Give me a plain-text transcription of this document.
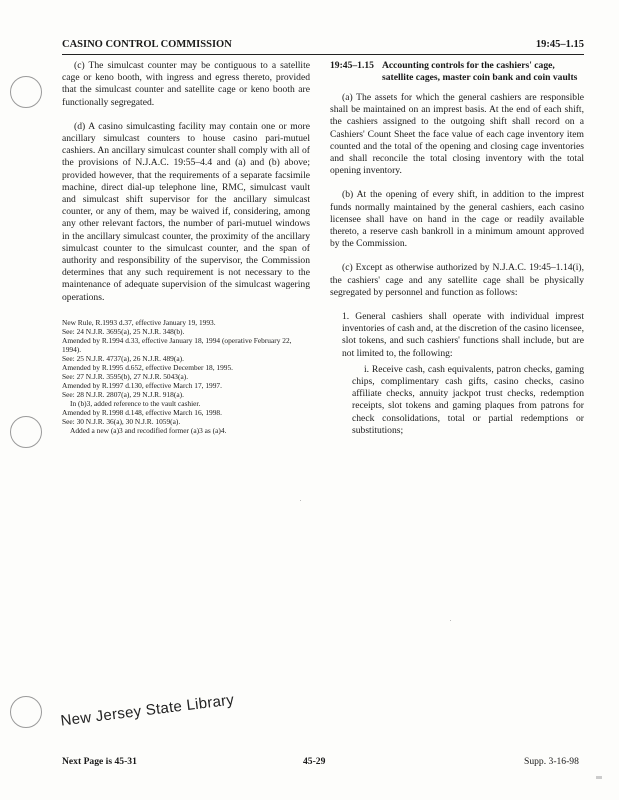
CASINO CONTROL COMMISSION	19:45–1.15

(c) The simulcast counter may be contiguous to a satellite cage or keno booth, with ingress and egress thereto, provided that the simulcast counter and satellite cage or keno booth are functionally segregated.

(d) A casino simulcasting facility may contain one or more ancillary simulcast counters to house casino pari-mutuel cashiers. An ancillary simulcast counter shall comply with all of the provisions of N.J.A.C. 19:55–4.4 and (a) and (b) above; provided however, that the requirements of a separate facsimile machine, direct dial-up telephone line, RMC, simulcast vault and simulcast shift supervisor for the ancillary simulcast counter, or any of them, may be waived if, considering, among any other relevant factors, the number of pari-mutuel windows in the ancillary simulcast counter, the proximity of the ancillary simulcast counter to the simulcast counter, and the span of authority and responsibility of the supervisor, the Commission determines that any such requirement is not necessary to the maintenance of adequate supervision of the simulcast wagering operations.

New Rule, R.1993 d.37, effective January 19, 1993.
See: 24 N.J.R. 3695(a), 25 N.J.R. 348(b).
Amended by R.1994 d.33, effective January 18, 1994 (operative February 22, 1994).
See: 25 N.J.R. 4737(a), 26 N.J.R. 489(a).
Amended by R.1995 d.652, effective December 18, 1995.
See: 27 N.J.R. 3595(b), 27 N.J.R. 5043(a).
Amended by R.1997 d.130, effective March 17, 1997.
See: 28 N.J.R. 2807(a), 29 N.J.R. 918(a).
In (b)3, added reference to the vault cashier.
Amended by R.1998 d.148, effective March 16, 1998.
See: 30 N.J.R. 36(a), 30 N.J.R. 1059(a).
Added a new (a)3 and recodified former (a)3 as (a)4.
19:45–1.15 Accounting controls for the cashiers' cage, satellite cages, master coin bank and coin vaults

(a) The assets for which the general cashiers are responsible shall be maintained on an imprest basis. At the end of each shift, the cashiers assigned to the outgoing shift shall record on a Cashiers' Count Sheet the face value of each cage inventory item counted and the total of the opening and closing cage inventories and shall reconcile the total closing inventory with the total opening inventory.

(b) At the opening of every shift, in addition to the imprest funds normally maintained by the general cashiers, each casino licensee shall have on hand in the cage or readily available thereto, a reserve cash bankroll in a minimum amount approved by the Commission.

(c) Except as otherwise authorized by N.J.A.C. 19:45–1.14(i), the cashiers' cage and any satellite cage shall be physically segregated by personnel and function as follows:

1. General cashiers shall operate with individual imprest inventories of cash and, at the discretion of the casino licensee, slot tokens, and such cashiers' functions shall include, but are not limited to, the following:

i. Receive cash, cash equivalents, patron checks, gaming chips, complimentary cash gifts, casino checks, casino affiliate checks, annuity jackpot trust checks, redemption receipts, slot tokens and gaming plaques from patrons for check consolidations, total or partial redemptions or substitutions;

New Jersey State Library
Next Page is 45-31	45-29	Supp. 3-16-98
